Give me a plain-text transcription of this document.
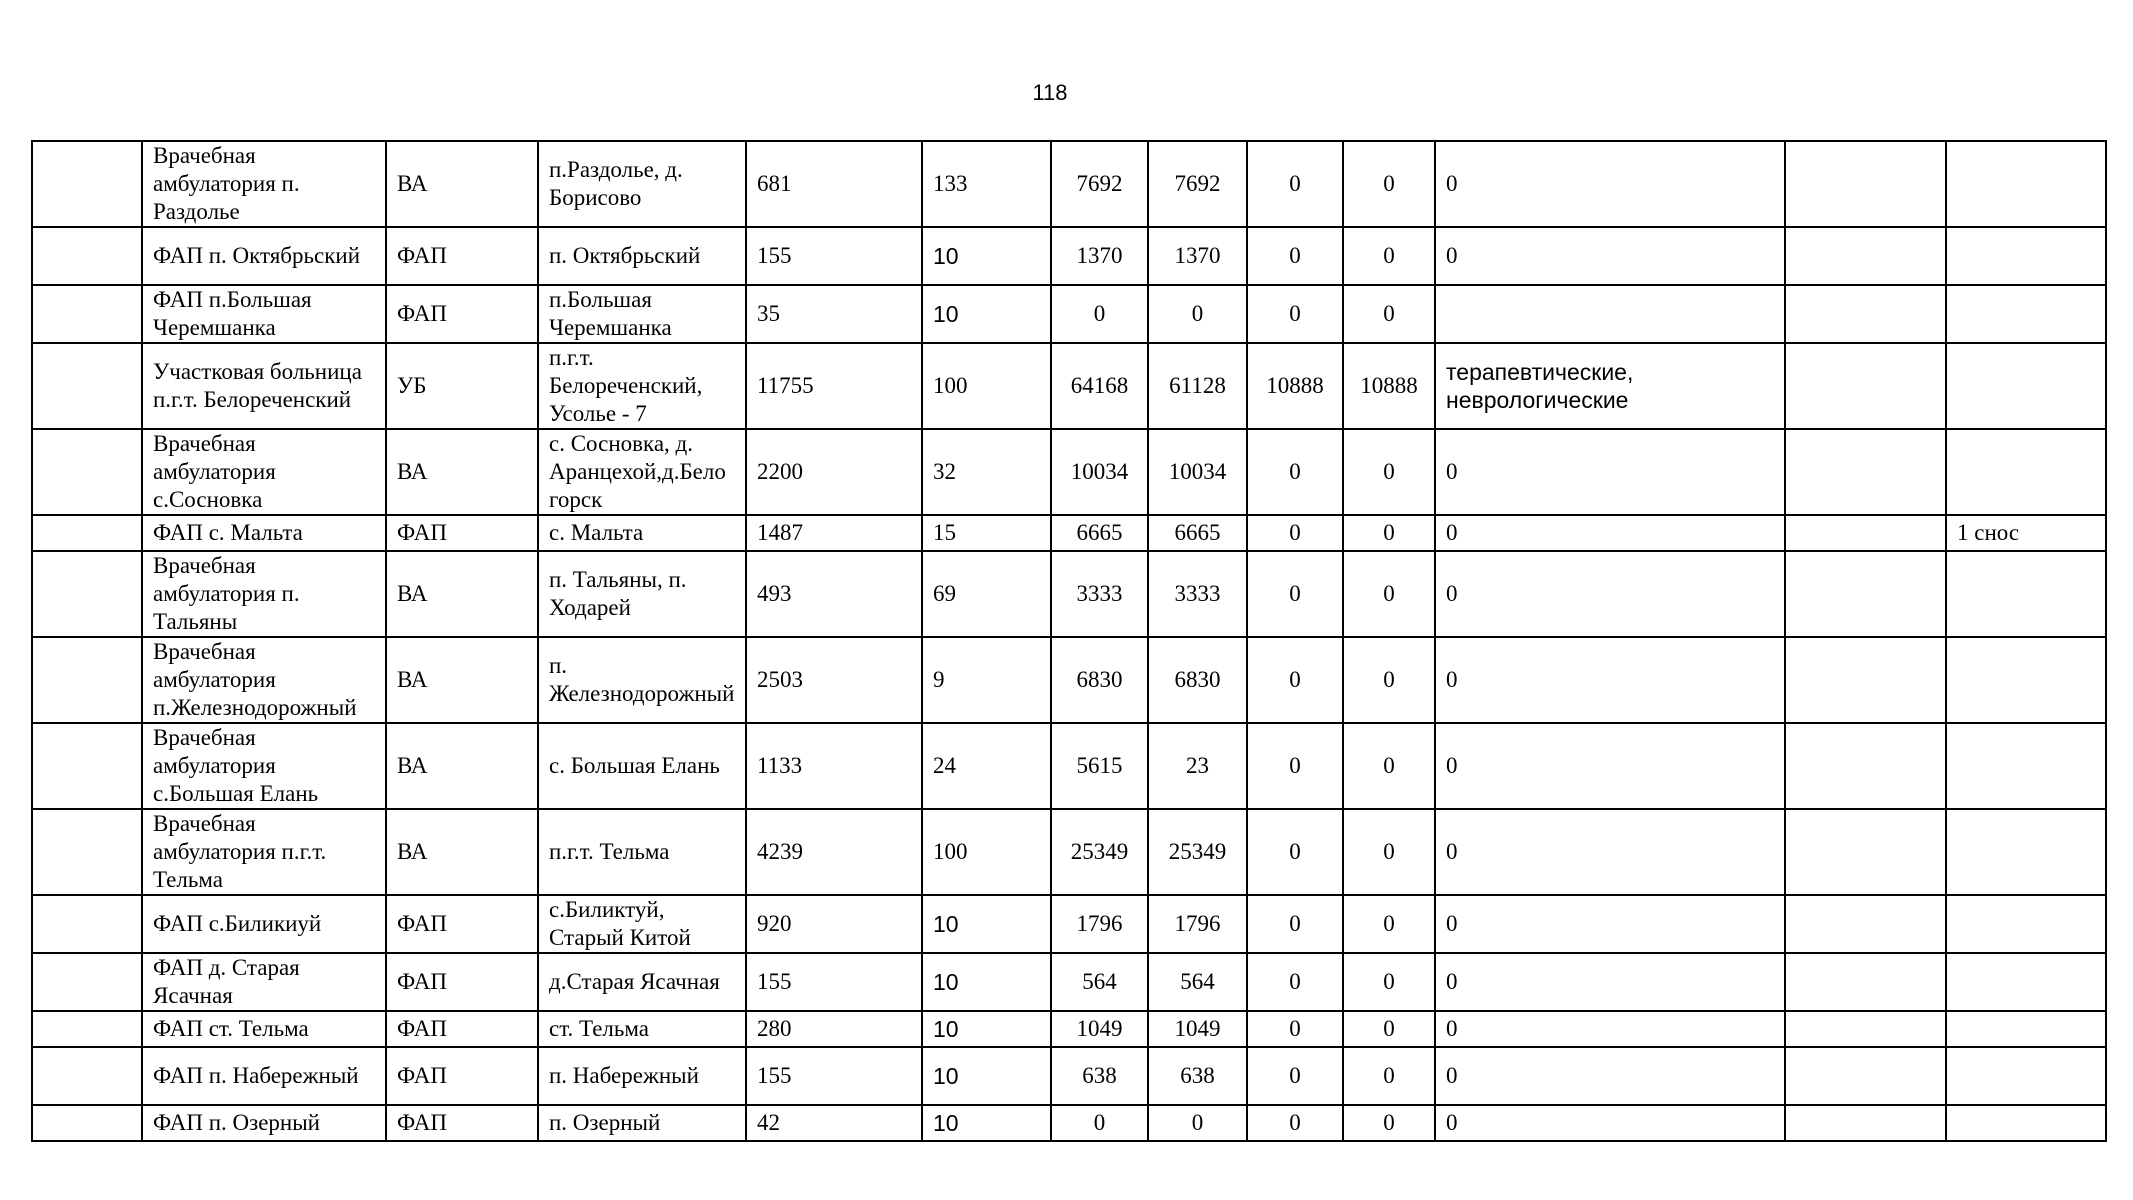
118
	Врачебная амбулатория п. Раздолье	ВА	п.Раздолье, д. Борисово	681	133	7692	7692	0	0	0		
	ФАП п. Октябрьский	ФАП	п. Октябрьский	155	10	1370	1370	0	0	0		
	ФАП п.Большая Черемшанка	ФАП	п.Большая Черемшанка	35	10	0	0	0	0			
	Участковая больница п.г.т. Белореченский	УБ	п.г.т. Белореченский, Усолье - 7	11755	100	64168	61128	10888	10888	терапевтические, неврологические		
	Врачебная амбулатория с.Сосновка	ВА	с. Сосновка, д. Аранцехой,д.Белогорск	2200	32	10034	10034	0	0	0		
	ФАП с. Мальта	ФАП	с. Мальта	1487	15	6665	6665	0	0	0		1 снос
	Врачебная амбулатория п. Тальяны	ВА	п. Тальяны, п. Ходарей	493	69	3333	3333	0	0	0		
	Врачебная амбулатория п.Железнодорожный	ВА	п. Железнодорожный	2503	9	6830	6830	0	0	0		
	Врачебная амбулатория с.Большая Елань	ВА	с. Большая Елань	1133	24	5615	23	0	0	0		
	Врачебная амбулатория п.г.т. Тельма	ВА	п.г.т. Тельма	4239	100	25349	25349	0	0	0		
	ФАП с.Биликиуй	ФАП	с.Биликтуй, Старый Китой	920	10	1796	1796	0	0	0		
	ФАП д. Старая Ясачная	ФАП	д.Старая Ясачная	155	10	564	564	0	0	0		
	ФАП ст. Тельма	ФАП	ст. Тельма	280	10	1049	1049	0	0	0		
	ФАП п. Набережный	ФАП	п. Набережный	155	10	638	638	0	0	0		
	ФАП п. Озерный	ФАП	п. Озерный	42	10	0	0	0	0	0		
